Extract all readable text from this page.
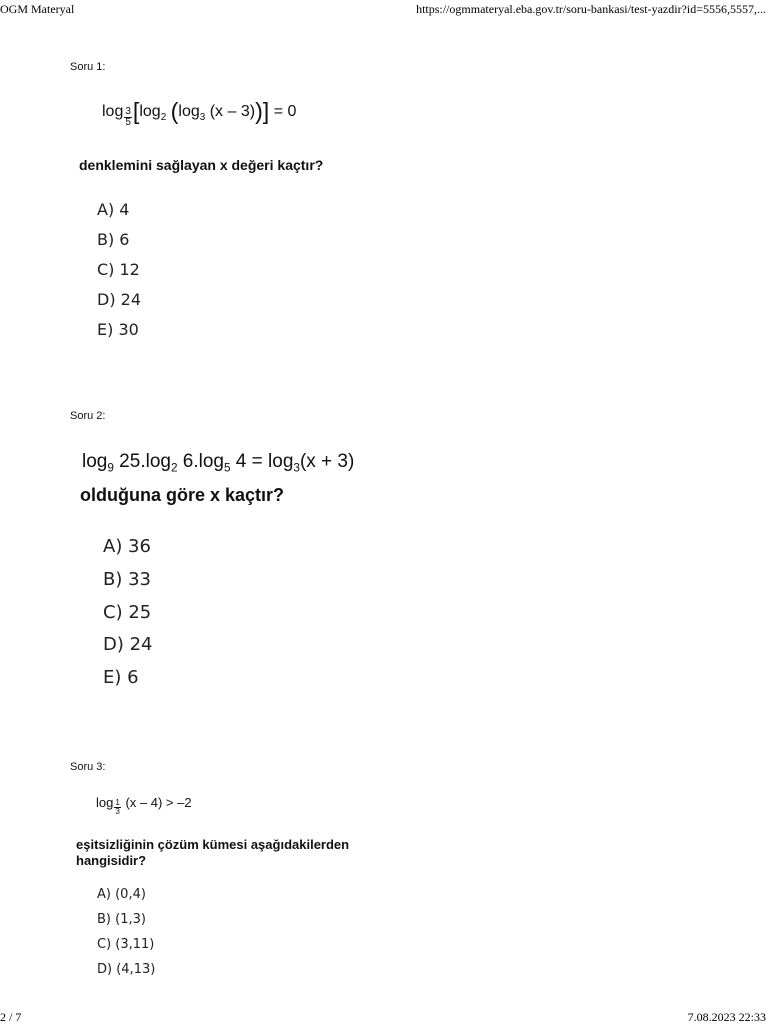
OGM Materyal	https://ogmmateryal.eba.gov.tr/soru-bankasi/test-yazdir?id=5556,5557,...
2 / 7	7.08.2023 22:33
Soru 1:
$\log \frac{3}{5} [\log_2$ ($\log_3$ (x – 3))] = 0
denklemini sağlayan x değeri kaçtır?
A) 4
B) 6
C) 12
D) 24
E) 30
Soru 2:
$\log_9 25.\log_2$ $6.\log_5$ $4 = \log_3(x + 3)$
olduğuna göre x kaçtır?
A) 36
B) 33
C) 25
D) 24
E) 6
Soru 3:
$\log \frac{1}{3} (x - 4) > -2$
eşitsizliğinin çözüm kümesi aşağıdakilerden
hangisidir?
A) (0,4)
B) (1,3)
C) (3,11)
D) (4,13)
